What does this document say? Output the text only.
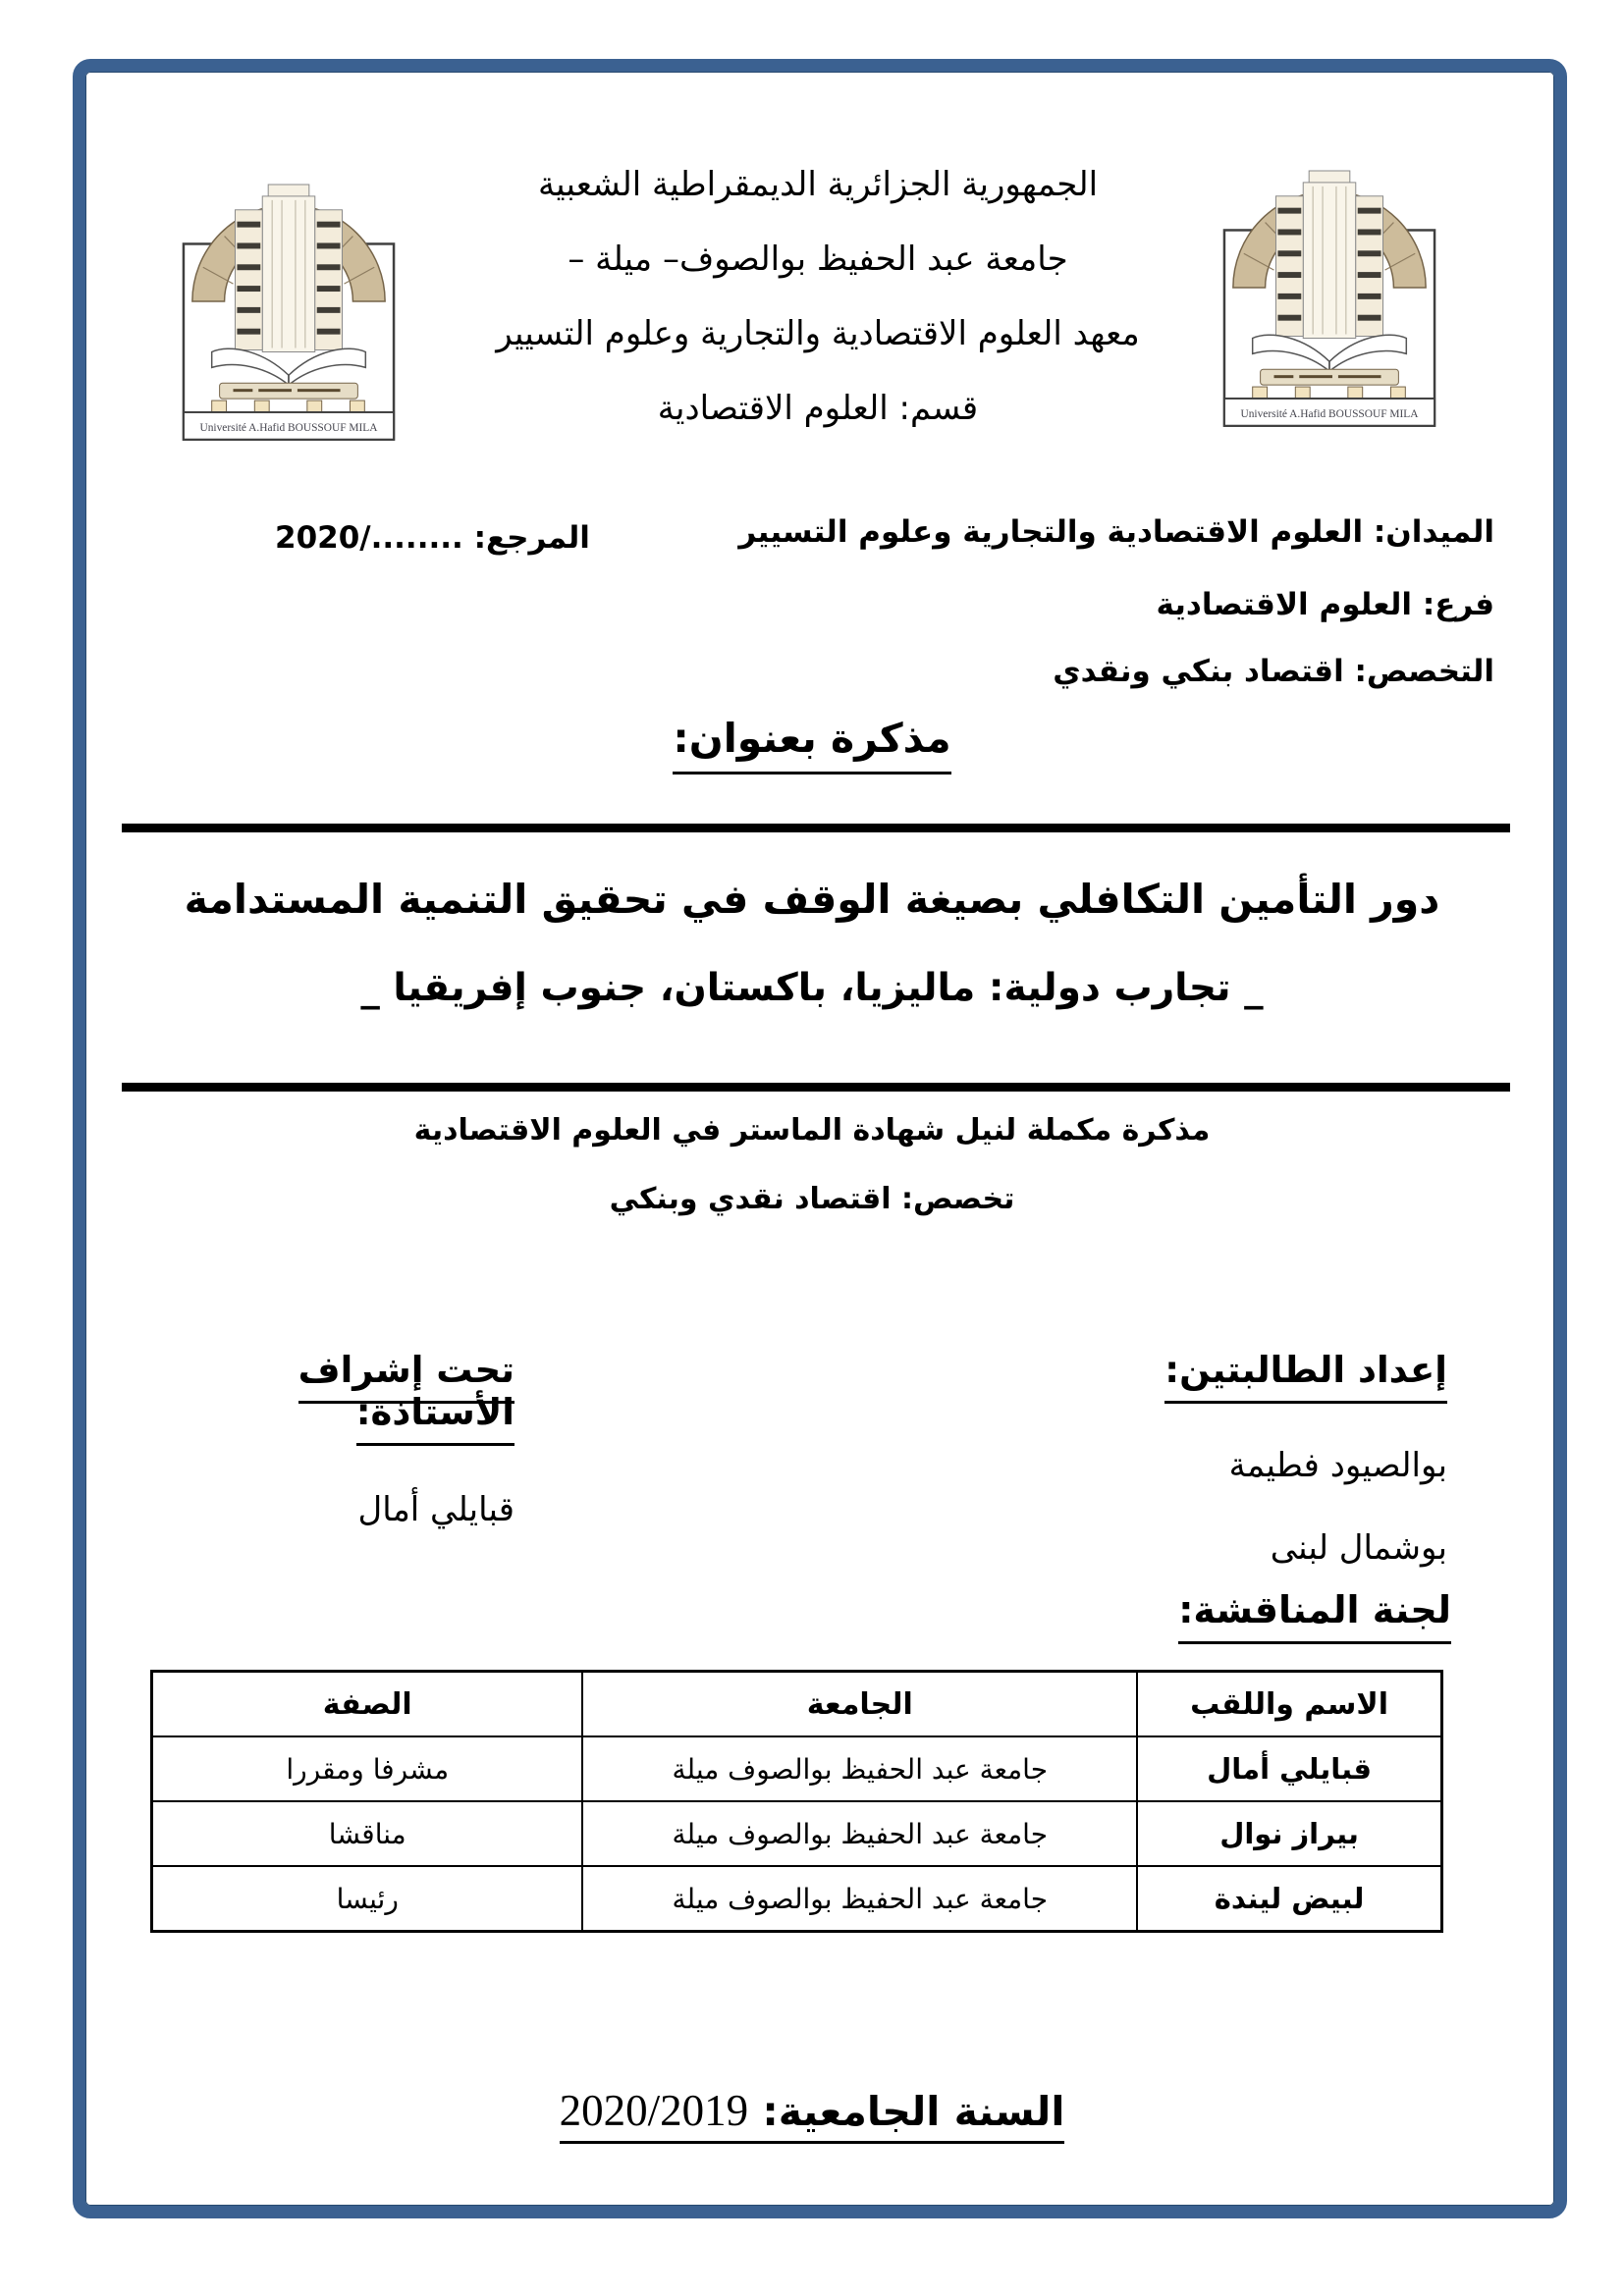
Université A.Hafid BOUSSOUF MILA
الجمهورية الجزائرية الديمقراطية الشعبية
جامعة عبد الحفيظ بوالصوف– ميلة –
معهد العلوم الاقتصادية والتجارية وعلوم التسيير
قسم: العلوم الاقتصادية	Université A.Hafid BOUSSOUF MILA
الميدان: العلوم الاقتصادية والتجارية وعلوم التسيير
المرجع: ......../2020
فرع: العلوم الاقتصادية
التخصص: اقتصاد بنكي ونقدي
مذكرة بعنوان:
دور التأمين التكافلي بصيغة الوقف في تحقيق التنمية المستدامة
_ تجارب دولية: ماليزيا، باكستان، جنوب إفريقيا _
مذكرة مكملة لنيل شهادة الماستر في العلوم الاقتصادية
تخصص: اقتصاد نقدي وبنكي
إعداد الطالبتين:
بوالصيود فطيمة
بوشمال لبنى
تحت إشراف الأستاذة:
قبايلي أمال
لجنة المناقشة:
الاسم واللقب	الجامعة	الصفة
قبايلي أمال	جامعة عبد الحفيظ بوالصوف ميلة	مشرفا ومقررا
بيراز نوال	جامعة عبد الحفيظ بوالصوف ميلة	مناقشا
لبيض ليندة	جامعة عبد الحفيظ بوالصوف ميلة	رئيسا
السنة الجامعية: 2020/2019
